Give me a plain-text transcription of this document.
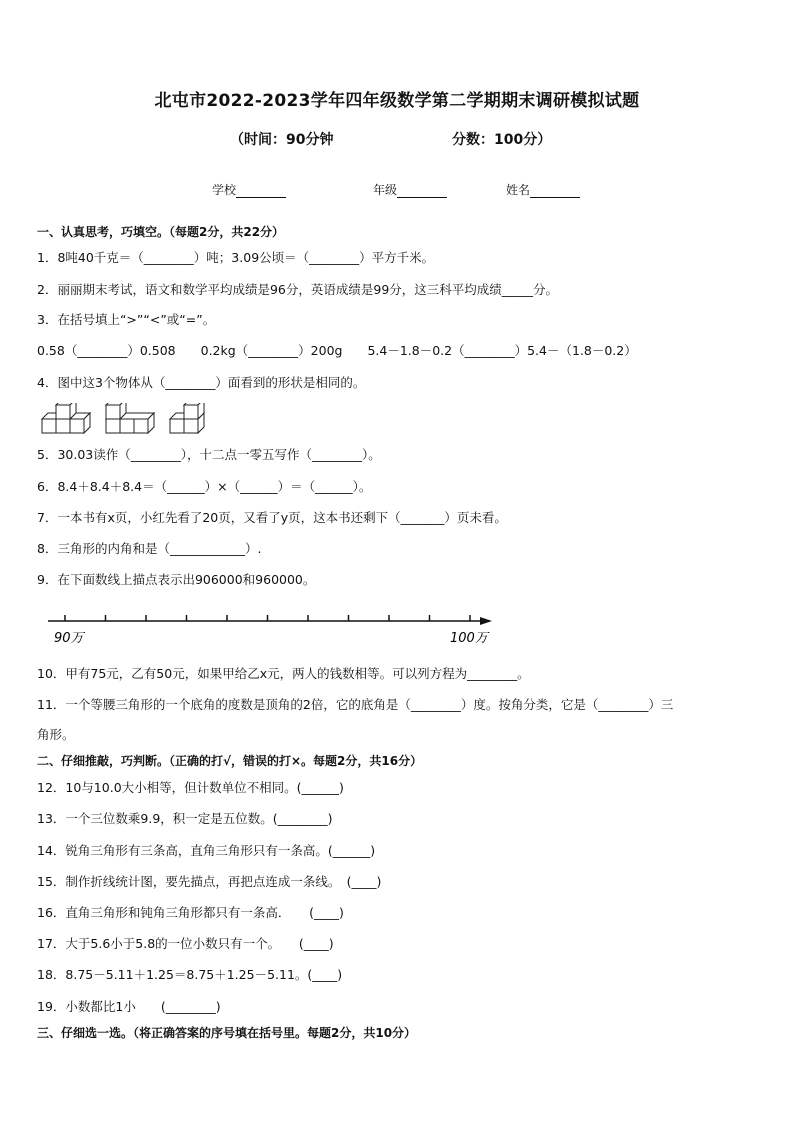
北屯市2022-2023学年四年级数学第二学期期末调研模拟试题
（时间：90分钟	分数：100分）
学校	年级	姓名
一、认真思考，巧填空。（每题2分，共22分）
1．8吨40千克＝（________）吨；3.09公顷＝（________）平方千米。
2．丽丽期末考试，语文和数学平均成绩是96分，英语成绩是99分，这三科平均成绩_____分。
3．在括号填上“>”“<”或“=”。
0.58（________）0.508　　0.2kg（________）200g　　5.4－1.8－0.2（________）5.4－（1.8－0.2）
4．图中这3个物体从（________）面看到的形状是相同的。
5．30.03读作（________），十二点一零五写作（________）。
6．8.4＋8.4＋8.4＝（______）×（______）＝（______）。
7．一本书有x页，小红先看了20页，又看了y页，这本书还剩下（_______）页未看。
8．三角形的内角和是（____________）.
9．在下面数线上描点表示出906000和960000。
90万	100万
10．甲有75元，乙有50元，如果甲给乙x元，两人的钱数相等。可以列方程为________。
11．一个等腰三角形的一个底角的度数是顶角的2倍，它的底角是（________）度。按角分类，它是（________）三
角形。
二、仔细推敲，巧判断。（正确的打√，错误的打×。每题2分，共16分）
12．10与10.0大小相等，但计数单位不相同。(______)
13．一个三位数乘9.9，积一定是五位数。(________)
14．锐角三角形有三条高，直角三角形只有一条高。(______)
15．制作折线统计图，要先描点，再把点连成一条线。　(____)
16．直角三角形和钝角三角形都只有一条高．　　(____)
17．大于5.6小于5.8的一位小数只有一个。　　(____)
18．8.75－5.11＋1.25＝8.75＋1.25－5.11。(____)
19．小数都比1小　　(________)
三、仔细选一选。（将正确答案的序号填在括号里。每题2分，共10分）
